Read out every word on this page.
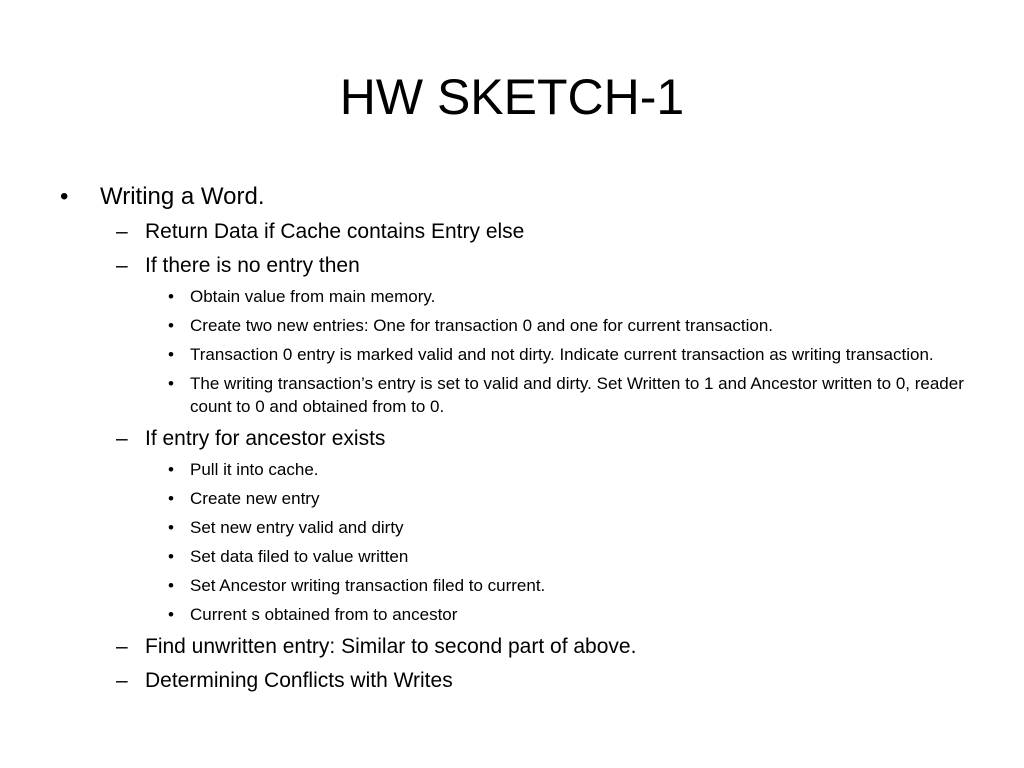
HW SKETCH-1
• Writing a Word.
– Return Data if Cache contains Entry else
– If there is no entry then
• Obtain value from main memory.
• Create two new entries: One for transaction 0 and one for current transaction.
• Transaction 0 entry is marked valid and not dirty. Indicate current transaction as writing transaction.
• The writing transaction’s entry is set to valid and dirty. Set Written to 1 and Ancestor written to 0, reader count to 0 and obtained from to 0.
– If entry for ancestor exists
• Pull it into cache.
• Create new entry
• Set new entry valid and dirty
• Set data filed to value written
• Set Ancestor writing transaction filed to current.
• Current s obtained from to ancestor
– Find unwritten entry: Similar to second part of above.
– Determining Conflicts with Writes
